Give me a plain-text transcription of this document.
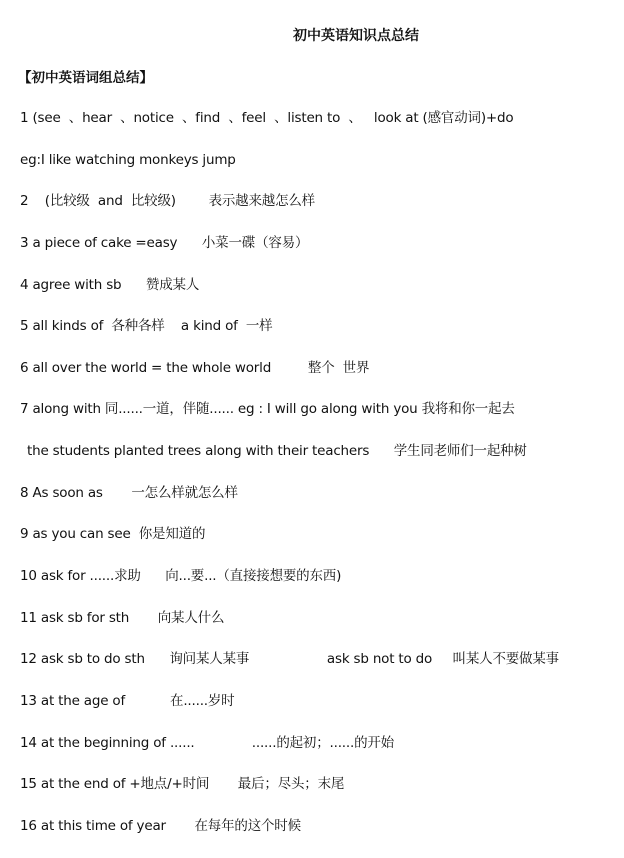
初中英语知识点总结
【初中英语词组总结】
1 (see  、hear  、notice  、find  、feel  、listen to  、   look at (感官动词)+do
eg:I like watching monkeys jump
2    (比较级  and  比较级)        表示越来越怎么样
3 a piece of cake =easy      小菜一碟（容易）
4 agree with sb      赞成某人
5 all kinds of  各种各样    a kind of  一样
6 all over the world = the whole world         整个  世界
7 along with 同......一道，伴随...... eg : I will go along with you 我将和你一起去
the students planted trees along with their teachers      学生同老师们一起种树
8 As soon as       一怎么样就怎么样
9 as you can see  你是知道的
10 ask for ......求助      向...要...（直接接想要的东西)
11 ask sb for sth       向某人什么
12 ask sb to do sth      询问某人某事                   ask sb not to do     叫某人不要做某事
13 at the age of           在......岁时
14 at the beginning of ......              ......的起初；......的开始
15 at the end of +地点/+时间       最后；尽头；末尾
16 at this time of year       在每年的这个时候
